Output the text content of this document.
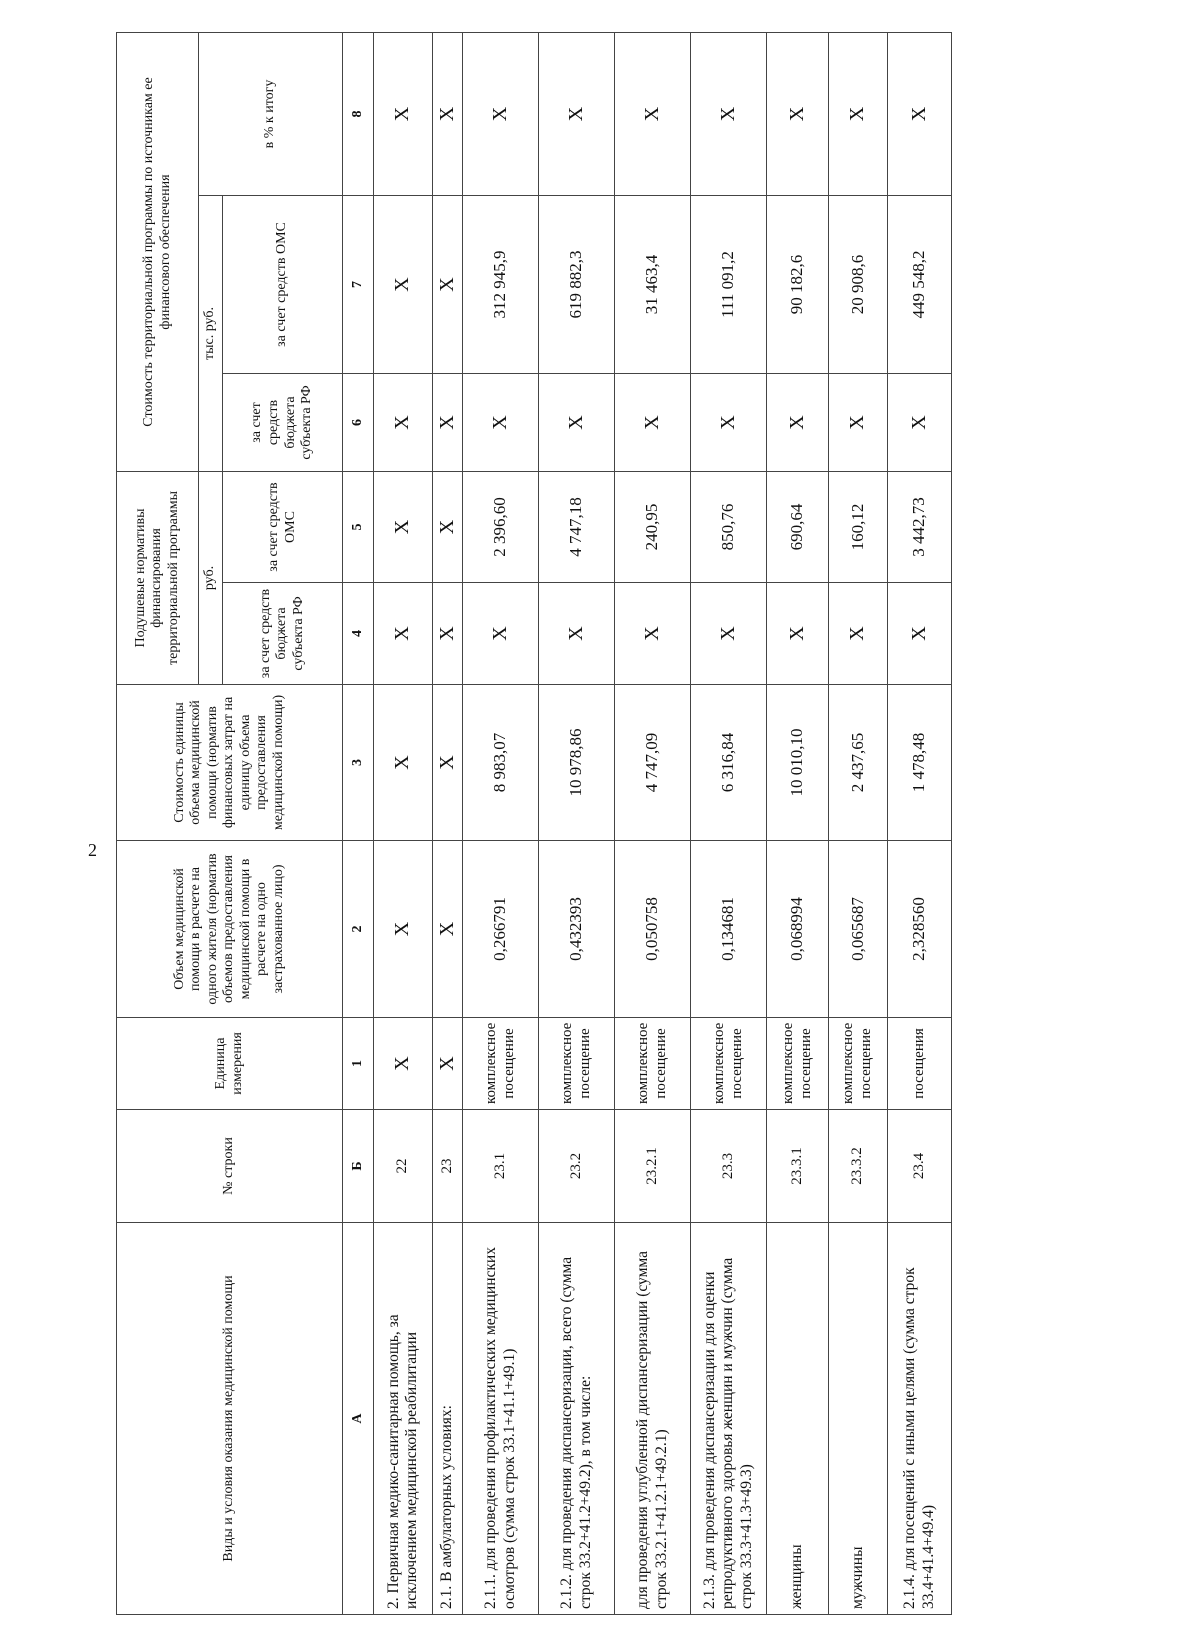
2
Виды и условия оказания медицинской помощи	№ строки	Единица измерения	Объем медицинской помощи в расчете на одного жителя (норматив объемов предоставления медицинской помощи в расчете на одно застрахованное лицо)	Стоимость единицы объема медицинской помощи (норматив финансовых затрат на единицу объема предоставления медицинской помощи)	Подушевые нормативы финансирования территориальной программы		Стоимость территориальной программы по источникам ее финансового обеспечения		
					руб.		тыс. руб.		в % к итогу
					за счет средств бюджета субъекта РФ	за счет средств ОМС	за счет средств бюджета субъекта РФ	за счет средств ОМС	
А	Б	1	2	3	4	5	6	7	8
2. Первичная медико-санитарная помощь, за исключением медицинской реабилитации	22	X	X	X	X	X	X	X	X
2.1. В амбулаторных условиях:	23	X	X	X	X	X	X	X	X
2.1.1. для проведения профилактических медицинских осмотров (сумма строк 33.1+41.1+49.1)	23.1	комплексное посещение	0,266791	8 983,07	X	2 396,60	X	312 945,9	X
2.1.2. для проведения диспансеризации, всего (сумма строк 33.2+41.2+49.2), в том числе:	23.2	комплексное посещение	0,432393	10 978,86	X	4 747,18	X	619 882,3	X
для проведения углубленной диспансеризации (сумма строк 33.2.1+41.2.1+49.2.1)	23.2.1	комплексное посещение	0,050758	4 747,09	X	240,95	X	31 463,4	X
2.1.3. для проведения диспансеризации для оценки репродуктивного здоровья женщин и мужчин (сумма строк 33.3+41.3+49.3)	23.3	комплексное посещение	0,134681	6 316,84	X	850,76	X	111 091,2	X
женщины	23.3.1	комплексное посещение	0,068994	10 010,10	X	690,64	X	90 182,6	X
мужчины	23.3.2	комплексное посещение	0,065687	2 437,65	X	160,12	X	20 908,6	X
2.1.4. для посещений с иными целями (сумма строк 33.4+41.4+49.4)	23.4	посещения	2,328560	1 478,48	X	3 442,73	X	449 548,2	X
